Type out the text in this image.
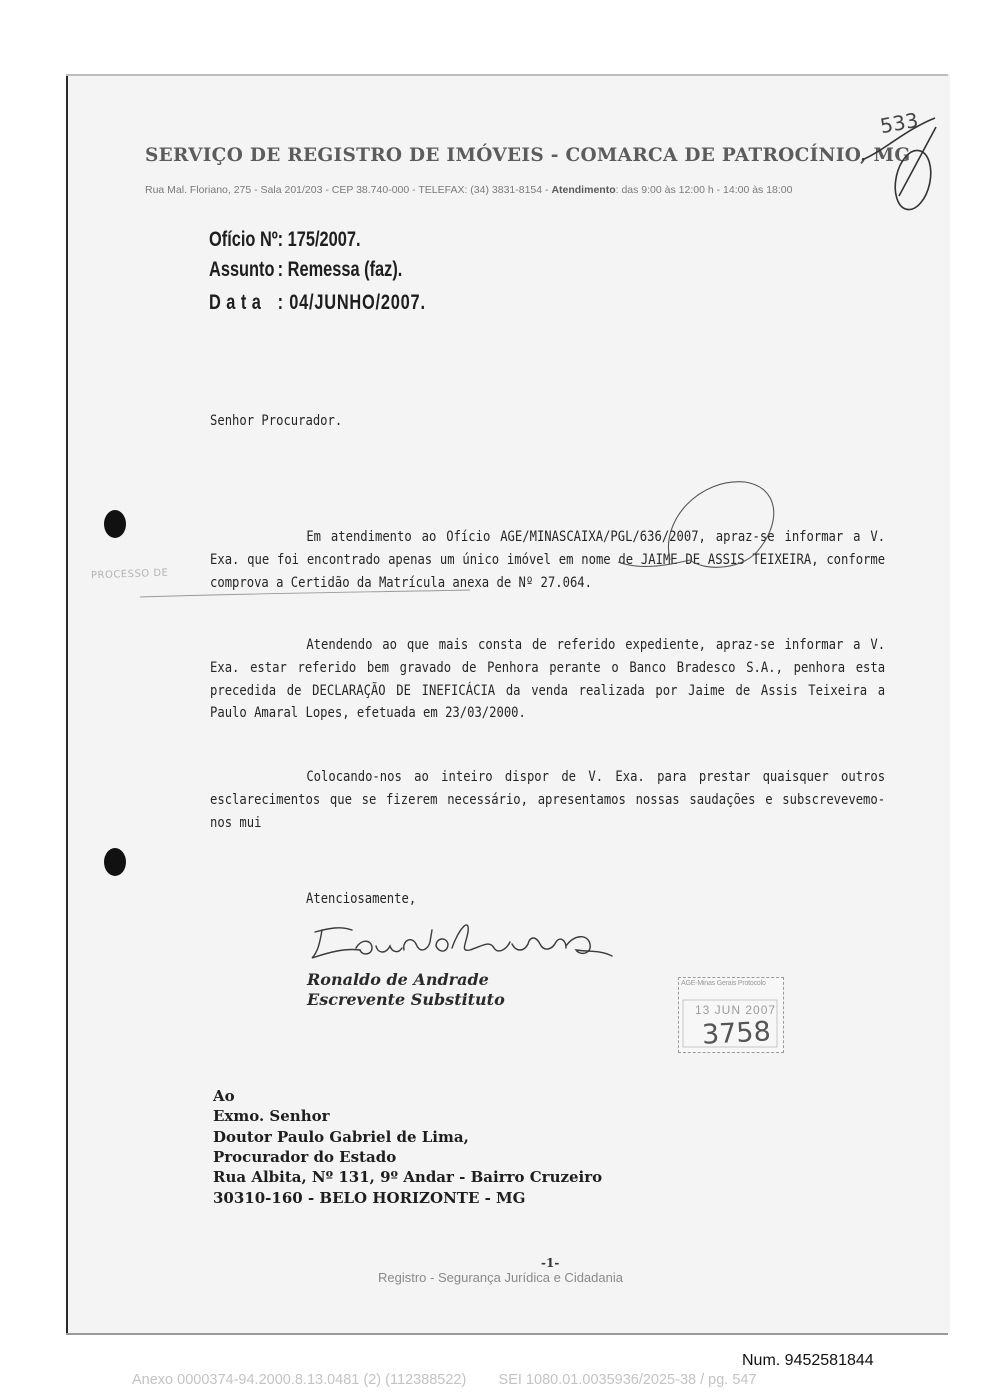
SERVIÇO DE REGISTRO DE IMÓVEIS - COMARCA DE PATROCÍNIO, MG
Rua Mal. Floriano, 275 - Sala 201/203 - CEP 38.740-000 - TELEFAX: (34) 3831-8154 - Atendimento: das 9:00 às 12:00 h - 14:00 às 18:00
533
Ofício Nº: 175/2007.
Assunto : Remessa (faz).
Data : 04/JUNHO/2007.
Senhor Procurador.
Em atendimento ao Ofício AGE/MINASCAIXA/PGL/636/2007, apraz-se informar a V. Exa. que foi encontrado apenas um único imóvel em nome de JAIME DE ASSIS TEIXEIRA, conforme comprova a Certidão da Matrícula anexa de Nº 27.064.
PROCESSO DE
Atendendo ao que mais consta de referido expediente, apraz-se informar a V. Exa. estar referido bem gravado de Penhora perante o Banco Bradesco S.A., penhora esta precedida de DECLARAÇÃO DE INEFICÁCIA da venda realizada por Jaime de Assis Teixeira a Paulo Amaral Lopes, efetuada em 23/03/2000.
Colocando-nos ao inteiro dispor de V. Exa. para prestar quaisquer outros esclarecimentos que se fizerem necessário, apresentamos nossas saudações e subscrevevemo-nos mui
Atenciosamente,
Ronaldo de Andrade
Escrevente Substituto
AGE-Minas Gerais Protocolo
13 JUN 2007
3758
Ao
Exmo. Senhor
Doutor Paulo Gabriel de Lima,
Procurador do Estado
Rua Albita, Nº 131, 9º Andar - Bairro Cruzeiro
30310-160 - BELO HORIZONTE - MG
-1-
Registro - Segurança Jurídica e Cidadania
Num. 9452581844
Anexo 0000374-94.2000.8.13.0481 (2) (112388522)        SEI 1080.01.0035936/2025-38 / pg. 547
